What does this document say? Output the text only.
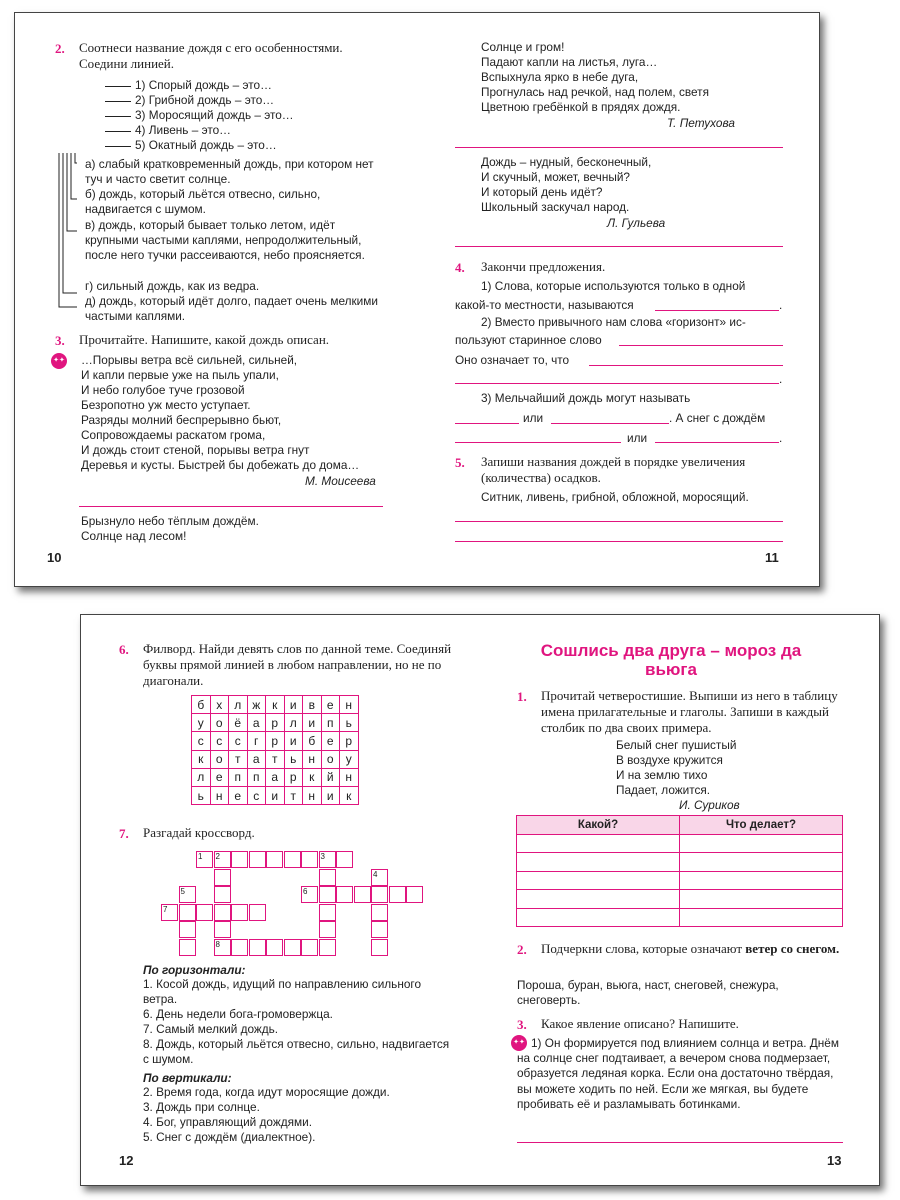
2. Соотнеси название дождя с его особенностями. Соедини линией.
1) Спорый дождь – это…
2) Грибной дождь – это…
3) Моросящий дождь – это…
4) Ливень – это…
5) Окатный дождь – это…
а) слабый кратковременный дождь, при котором нет туч и часто светит солнце.
б) дождь, который льётся отвесно, сильно, надвигается с шумом.
в) дождь, который бывает только летом, идёт крупными частыми каплями, непродолжительный, после него тучки рассеиваются, небо проясняется.
г) сильный дождь, как из ведра.
д) дождь, который идёт долго, падает очень мелкими частыми каплями.
3. Прочитайте. Напишите, какой дождь описан.
✦✦ …Порывы ветра всё сильней, сильней,
И капли первые уже на пыль упали,
И небо голубое туче грозовой
Безропотно уж место уступает.
Разряды молний беспрерывно бьют,
Сопровождаемы раскатом грома,
И дождь стоит стеной, порывы ветра гнут
Деревья и кусты. Быстрей бы добежать до дома…
М. Моисеева
Брызнуло небо тёплым дождём.
Солнце над лесом!
10
Солнце и гром!
Падают капли на листья, луга…
Вспыхнула ярко в небе дуга,
Прогнулась над речкой, над полем, светя
Цветною гребёнкой в прядях дождя.
Т. Петухова
Дождь – нудный, бесконечный,
И скучный, может, вечный?
И который день идёт?
Школьный заскучал народ.
Л. Гульева
4. Закончи предложения.
1) Слова, которые используются только в одной
какой-то местности, называются	.
2) Вместо привычного нам слова «горизонт» ис-
пользуют старинное слово
Оно означает то, что
.
3) Мельчайший дождь могут называть
или	. А снег с дождём
или	.
5. Запиши названия дождей в порядке увеличения (количества) осадков.
Ситник, ливень, грибной, обложной, моросящий.
11
6. Филворд. Найди девять слов по данной теме. Соединяй буквы прямой линией в любом направлении, но не по диагонали.
б	х	л	ж	к	и	в	е	н
у	о	ё	а	р	л	и	п	ь
с	с	с	г	р	и	б	е	р
к	о	т	а	т	ь	н	о	у
л	е	п	п	а	р	к	й	н
ь	н	е	с	и	т	н	и	к
7. Разгадай кроссворд.
1 2	3
4
5	6
7
8
По горизонтали:
1. Косой дождь, идущий по направлению сильного ветра.
6. День недели бога-громовержца.
7. Самый мелкий дождь.
8. Дождь, который льётся отвесно, сильно, надвигается с шумом.
По вертикали:
2. Время года, когда идут моросящие дожди.
3. Дождь при солнце.
4. Бог, управляющий дождями.
5. Снег с дождём (диалектное).
12
Сошлись два друга – мороз да вьюга
1. Прочитай четверостишие. Выпиши из него в таблицу имена прилагательные и глаголы. Запиши в каждый столбик по два своих примера.
Белый снег пушистый
В воздухе кружится
И на землю тихо
Падает, ложится.
И. Суриков
Какой?	Что делает?

2. Подчеркни слова, которые означают ветер со снегом.
Пороша, буран, вьюга, наст, снеговей, снежура, снеговерть.
3. Какое явление описано? Напишите.
✦✦ 1) Он формируется под влиянием солнца и ветра. Днём на солнце снег подтаивает, а вечером снова подмерзает, образуется ледяная корка. Если она достаточно твёрдая, вы можете ходить по ней. Если же мягкая, вы будете пробивать её и разламывать ботинками.
13
